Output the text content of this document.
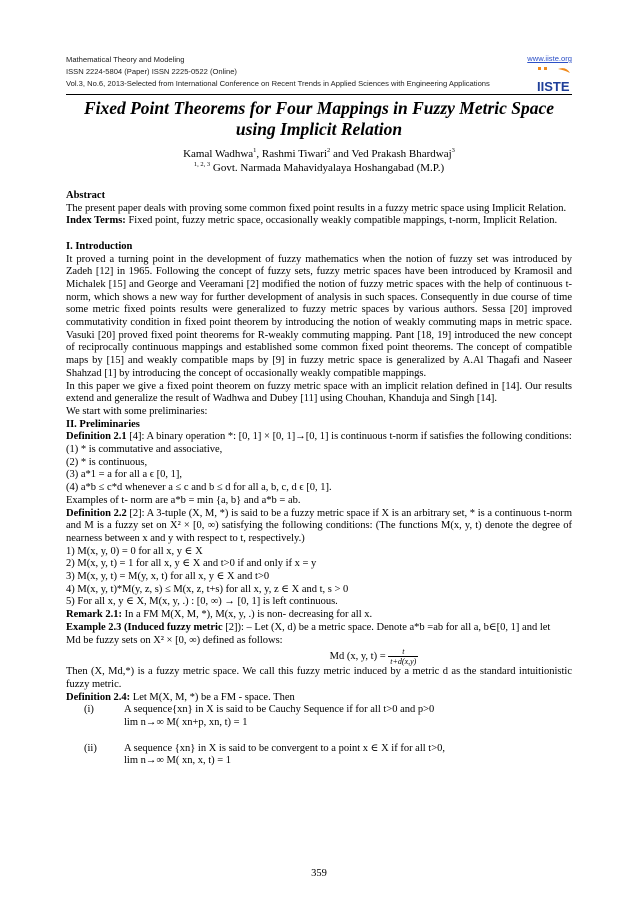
Mathematical Theory and Modeling	www.iiste.org
ISSN 2224-5804 (Paper) ISSN 2225-0522 (Online)
Vol.3, No.6, 2013-Selected from International Conference on Recent Trends in Applied Sciences with Engineering Applications	IISTE
Fixed Point Theorems for Four Mappings in Fuzzy Metric Space
using Implicit Relation
Kamal Wadhwa$^1$, Rashmi Tiwari$^2$ and Ved Prakash Bhardwaj$^3$
$^{1, 2, 3}$ Govt. Narmada Mahavidyalaya Hoshangabad (M.P.)

Abstract

The present paper deals with proving some common fixed point results in a fuzzy metric space using Implicit Relation.

Index Terms: Fixed point, fuzzy metric space, occasionally weakly compatible mappings, t-norm, Implicit Relation.

I. Introduction

It proved a turning point in the development of fuzzy mathematics when the notion of fuzzy set was introduced by Zadeh [12] in 1965. Following the concept of fuzzy sets, fuzzy metric spaces have been introduced by Kramosil and Michalek [15] and George and Veeramani [2] modified the notion of fuzzy metric spaces with the help of continuous t-norm, which shows a new way for further development of analysis in such spaces. Consequently in due course of time some metric fixed points results were generalized to fuzzy metric spaces by various authors. Sessa [20] improved commutativity condition in fixed point theorem by introducing the notion of weakly commuting maps in metric space. Vasuki [20] proved fixed point theorems for R-weakly commuting mapping. Pant [18, 19] introduced the new concept of reciprocally continuous mappings and established some common fixed point theorems. The concept of compatible maps by [15] and weakly compatible maps by [9] in fuzzy metric space is generalized by A.Al Thagafi and Naseer Shahzad [1] by introducing the concept of occasionally weakly compatible mappings.

In this paper we give a fixed point theorem on fuzzy metric space with an implicit relation defined in [14]. Our results extend and generalize the result of Wadhwa and Dubey [11] using Chouhan, Khanduja and Singh [14].

We start with some preliminaries:

II. Preliminaries

Definition 2.1 [4]: A binary operation *: [0, 1] × [0, 1]→[0, 1] is continuous t-norm if satisfies the following conditions:

(1) * is commutative and associative,

(2) * is continuous,

(3) a*1 = a for all a ϵ [0, 1],

(4) a*b ≤ c*d whenever a ≤ c and b ≤ d for all a, b, c, d ϵ [0, 1].

Examples of t- norm are a*b = min {a, b} and a*b = ab.

Definition 2.2 [2]: A 3-tuple (X, M, *) is said to be a fuzzy metric space if X is an arbitrary set, * is a continuous t-norm and M is a fuzzy set on X² × [0, ∞) satisfying the following conditions: (The functions M(x, y, t) denote the degree of nearness between x and y with respect to t, respectively.)

1) M(x, y, 0) = 0 for all x, y ∈ X

2) M(x, y, t) = 1 for all x, y ∈ X and t>0 if and only if x = y

3) M(x, y, t) = M(y, x, t) for all x, y ∈ X and t>0

4) M(x, y, t)*M(y, z, s) ≤ M(x, z, t+s) for all x, y, z ∈ X and t, s > 0

5) For all x, y ∈ X, M(x, y, .) : [0, ∞) → [0, 1] is left continuous.

Remark 2.1: In a FM M(X, M, *), M(x, y, .) is non- decreasing for all x.

Example 2.3 (Induced fuzzy metric [2]): – Let (X, d) be a metric space. Denote a*b =ab for all a, b∈[0, 1] and let

Md be fuzzy sets on X² × [0, ∞) defined as follows:

Md (x, y, $t) = \frac{t}{t+d(x,y)}$

Then (X, Md,*) is a fuzzy metric space. We call this fuzzy metric induced by a metric d as the standard intuitionistic fuzzy metric.

Definition 2.4: Let M(X, M, *) be a FM - space. Then

(i)	A sequence{xn} in X is said to be Cauchy Sequence if for all t>0 and p>0

lim n→∞ M( xn+p, xn, t) = 1

(ii)	A sequence {xn} in X is said to be convergent to a point x ∈ X if for all t>0,

lim n→∞ M( xn, x, t) = 1

359
